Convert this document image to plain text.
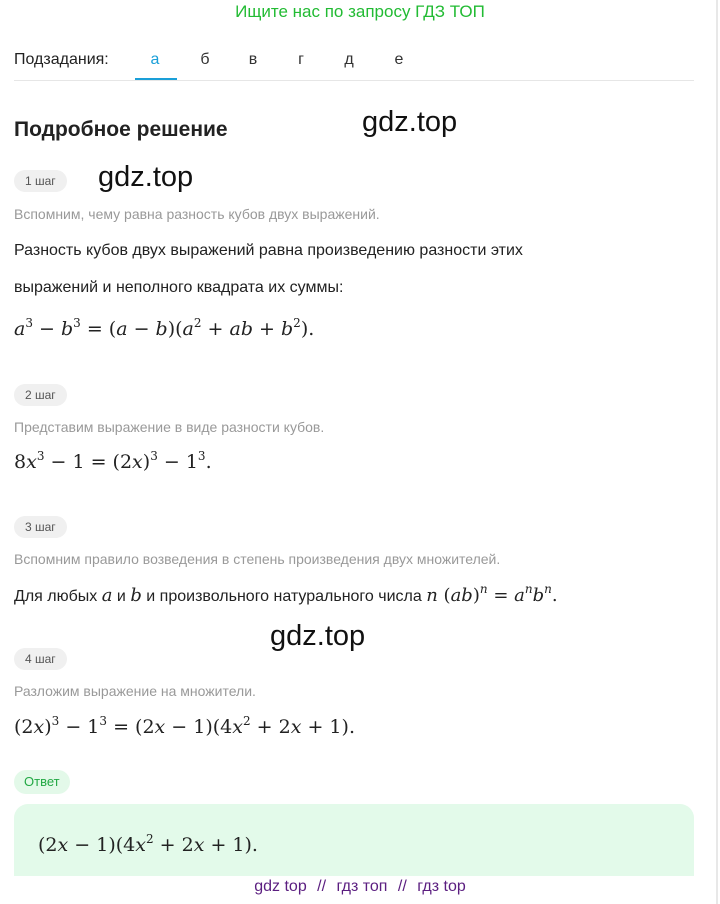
Ищите нас по запросу ГДЗ ТОП
Подзадания:	а	б	в	г	д	е
Подробное решение	gdz.top
gdz.top
gdz.top
1 шаг
Вспомним, чему равна разность кубов двух выражений.
Разность кубов двух выражений равна произведению разности этих
выражений и неполного квадрата их суммы:
$a^3 - b^3 = (a - b)(a^2$ + ab + $b^2$).
2 шаг
Представим выражение в виде разности кубов.
$8x^3 - 1 = (2x)^3 - 1^3$.
3 шаг
Вспомним правило возведения в степень произведения двух множителей.
Для любых a и b и произвольного натурального числа n $(ab)^n = a^nb^n$.
4 шаг
Разложим выражение на множители.
$(2x)^3 - 1^3 = (2x - 1)(4x^2 + 2x + 1)$.
Ответ
$(2x - 1)(4x^2 + 2x + 1)$.
gdz top // гдз топ // гдз top
